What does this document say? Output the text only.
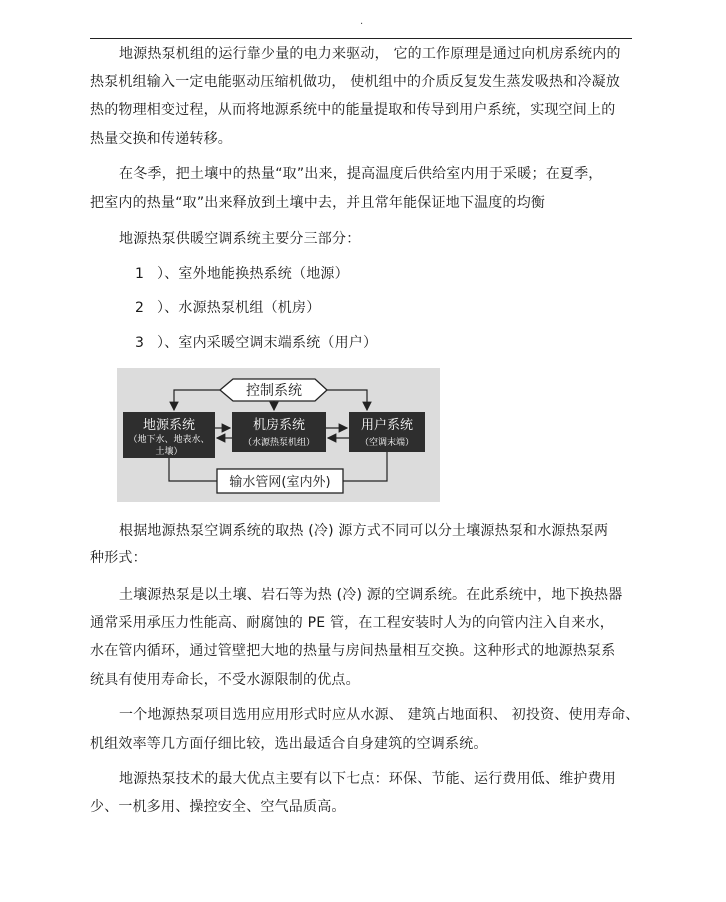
.
地源热泵机组的运行靠少量的电力来驱动， 它的工作原理是通过向机房系统内的
热泵机组输入一定电能驱动压缩机做功， 使机组中的介质反复发生蒸发吸热和冷凝放
热的物理相变过程，从而将地源系统中的能量提取和传导到用户系统，实现空间上的
热量交换和传递转移。
在冬季，把土壤中的热量“取”出来，提高温度后供给室内用于采暖；在夏季，
把室内的热量“取”出来释放到土壤中去，并且常年能保证地下温度的均衡
地源热泵供暖空调系统主要分三部分：
1 ）、室外地能换热系统（地源）
2 ）、水源热泵机组（机房）
3 ）、室内采暖空调末端系统（用户）
控制系统
地源系统
（地下水、地表水、
土壤）
机房系统
（水源热泵机组）
用户系统
（空调末端）
输水管网(室内外)
根据地源热泵空调系统的取热 (冷) 源方式不同可以分土壤源热泵和水源热泵两
种形式：
土壤源热泵是以土壤、岩石等为热 (冷) 源的空调系统。在此系统中，地下换热器
通常采用承压力性能高、耐腐蚀的 PE 管，在工程安装时人为的向管内注入自来水，
水在管内循环，通过管壁把大地的热量与房间热量相互交换。这种形式的地源热泵系
统具有使用寿命长，不受水源限制的优点。
一个地源热泵项目选用应用形式时应从水源、 建筑占地面积、 初投资、使用寿命、
机组效率等几方面仔细比较，选出最适合自身建筑的空调系统。
地源热泵技术的最大优点主要有以下七点：环保、节能、运行费用低、维护费用
少、一机多用、操控安全、空气品质高。
